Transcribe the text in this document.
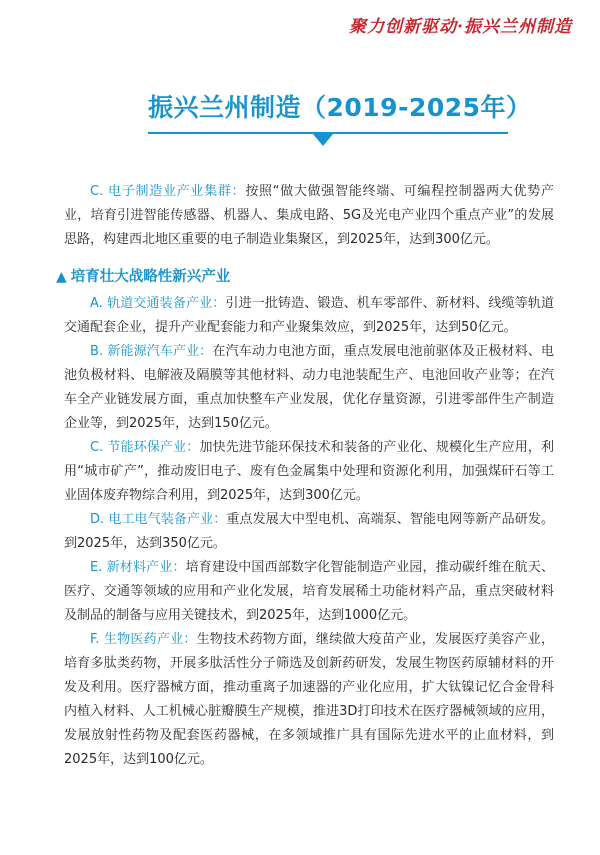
聚力创新驱动·振兴兰州制造
振兴兰州制造（2019-2025年）

C. 电子制造业产业集群：按照“做大做强智能终端、可编程控制器两大优势产业，培育引进智能传感器、机器人、集成电路、5G及光电产业四个重点产业”的发展思路，构建西北地区重要的电子制造业集聚区，到2025年，达到300亿元。

▲ 培育壮大战略性新兴产业

A. 轨道交通装备产业：引进一批铸造、锻造、机车零部件、新材料、线缆等轨道交通配套企业，提升产业配套能力和产业聚集效应，到2025年，达到50亿元。

B. 新能源汽车产业：在汽车动力电池方面，重点发展电池前驱体及正极材料、电池负极材料、电解液及隔膜等其他材料、动力电池装配生产、电池回收产业等；在汽车全产业链发展方面，重点加快整车产业发展，优化存量资源，引进零部件生产制造企业等，到2025年，达到150亿元。

C. 节能环保产业：加快先进节能环保技术和装备的产业化、规模化生产应用，利用“城市矿产”，推动废旧电子、废有色金属集中处理和资源化利用，加强煤矸石等工业固体废弃物综合利用，到2025年，达到300亿元。

D. 电工电气装备产业：重点发展大中型电机、高端泵、智能电网等新产品研发。到2025年，达到350亿元。

E. 新材料产业：培育建设中国西部数字化智能制造产业园，推动碳纤维在航天、医疗、交通等领域的应用和产业化发展，培育发展稀土功能材料产品，重点突破材料及制品的制备与应用关键技术，到2025年，达到1000亿元。

F. 生物医药产业：生物技术药物方面，继续做大疫苗产业，发展医疗美容产业，培育多肽类药物，开展多肽活性分子筛选及创新药研发，发展生物医药原辅材料的开发及利用。医疗器械方面，推动重离子加速器的产业化应用，扩大钛镍记忆合金骨科内植入材料、人工机械心脏瓣膜生产规模，推进3D打印技术在医疗器械领域的应用，发展放射性药物及配套医药器械，在多领域推广具有国际先进水平的止血材料，到2025年，达到100亿元。
